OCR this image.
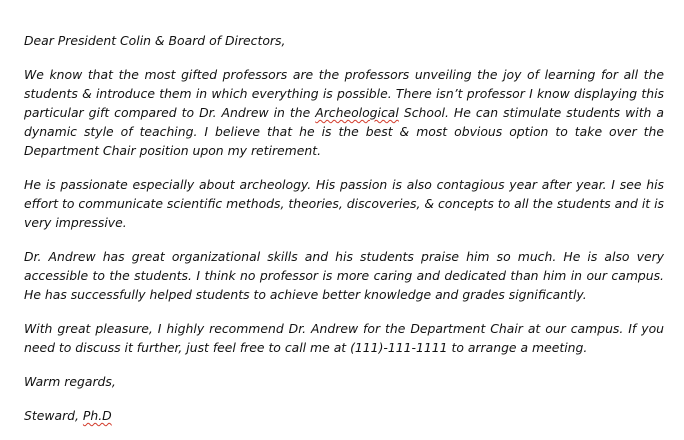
Dear President Colin & Board of Directors,

We know that the most gifted professors are the professors unveiling the joy of learning for all the students & introduce them in which everything is possible. There isn’t professor I know displaying this particular gift compared to Dr. Andrew in the Archeological School. He can stimulate students with a dynamic style of teaching. I believe that he is the best & most obvious option to take over the Department Chair position upon my retirement.

He is passionate especially about archeology. His passion is also contagious year after year. I see his effort to communicate scientific methods, theories, discoveries, & concepts to all the students and it is very impressive.

Dr. Andrew has great organizational skills and his students praise him so much. He is also very accessible to the students. I think no professor is more caring and dedicated than him in our campus. He has successfully helped students to achieve better knowledge and grades significantly.

With great pleasure, I highly recommend Dr. Andrew for the Department Chair at our campus. If you need to discuss it further, just feel free to call me at (111)-111-1111 to arrange a meeting.

Warm regards,

Steward, Ph.D
